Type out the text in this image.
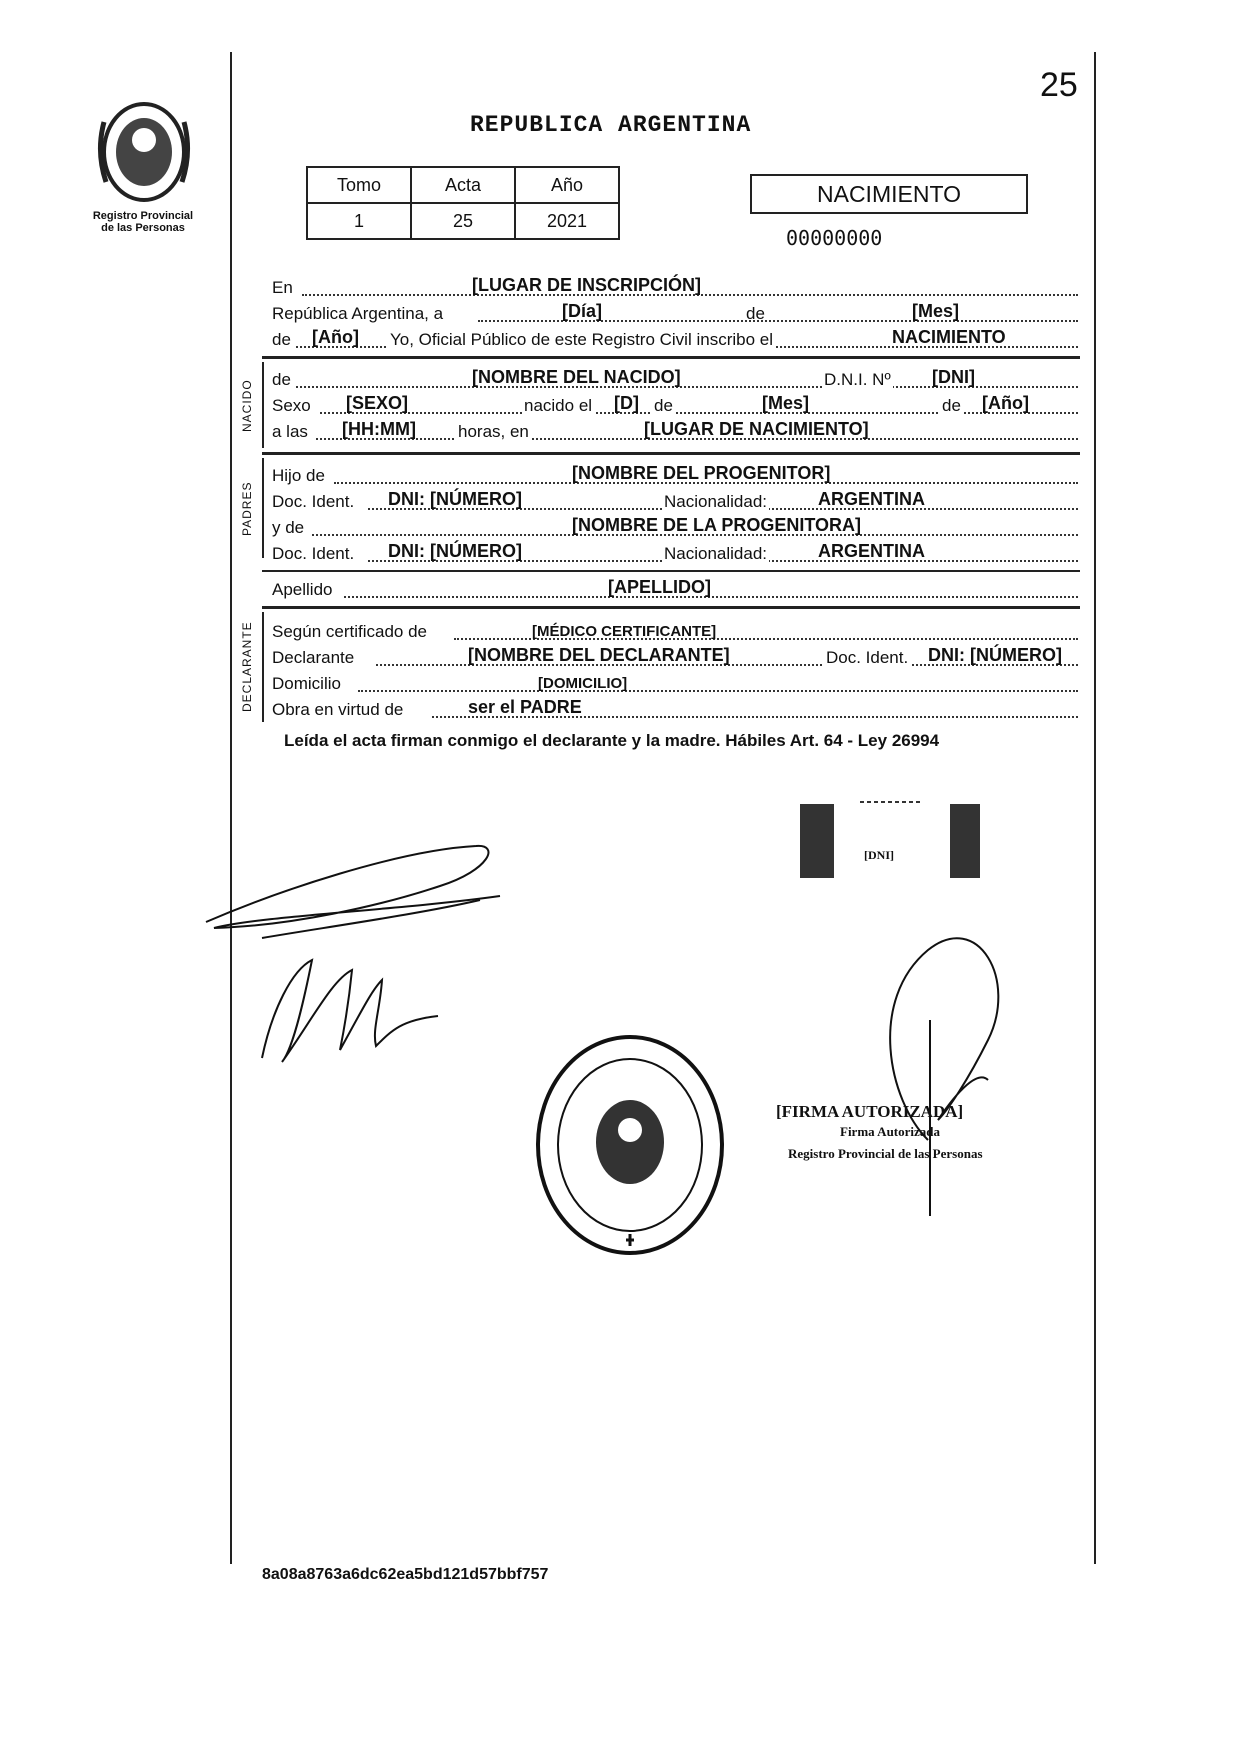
25
Registro Provincial
de las Personas
REPUBLICA ARGENTINA
Tomo	Acta	Año
1	25	2021
NACIMIENTO
00000000
En	[LUGAR DE INSCRIPCIÓN]
República Argentina, a	[Día]	de	[Mes]
de [Año] Yo, Oficial Público de este Registro Civil inscribo el	NACIMIENTO
NACIDO de	[NOMBRE DEL NACIDO]	D.N.I. Nº [DNI]
Sexo [SEXO]	nacido el [D] de	[Mes]	de [Año]
a las [HH:MM] horas, en	[LUGAR DE NACIMIENTO]
PADRES
Hijo de	[NOMBRE DEL PROGENITOR]
Doc. Ident. DNI: [NÚMERO]	Nacionalidad:	ARGENTINA
y de	[NOMBRE DE LA PROGENITORA]
Doc. Ident. DNI: [NÚMERO]	Nacionalidad:	ARGENTINA
Apellido	[APELLIDO]
DECLARANTE Según certificado de	[MÉDICO CERTIFICANTE]
Declarante	[NOMBRE DEL DECLARANTE]	Doc. Ident. DNI: [NÚMERO]
Domicilio	[DOMICILIO]
Obra en virtud de	ser el PADRE
Leída el acta firman conmigo el declarante y la madre. Hábiles Art. 64 - Ley 26994
[DNI]
[FIRMA AUTORIZADA]
Firma Autorizada
Registro Provincial de las Personas
8a08a8763a6dc62ea5bd121d57bbf757
